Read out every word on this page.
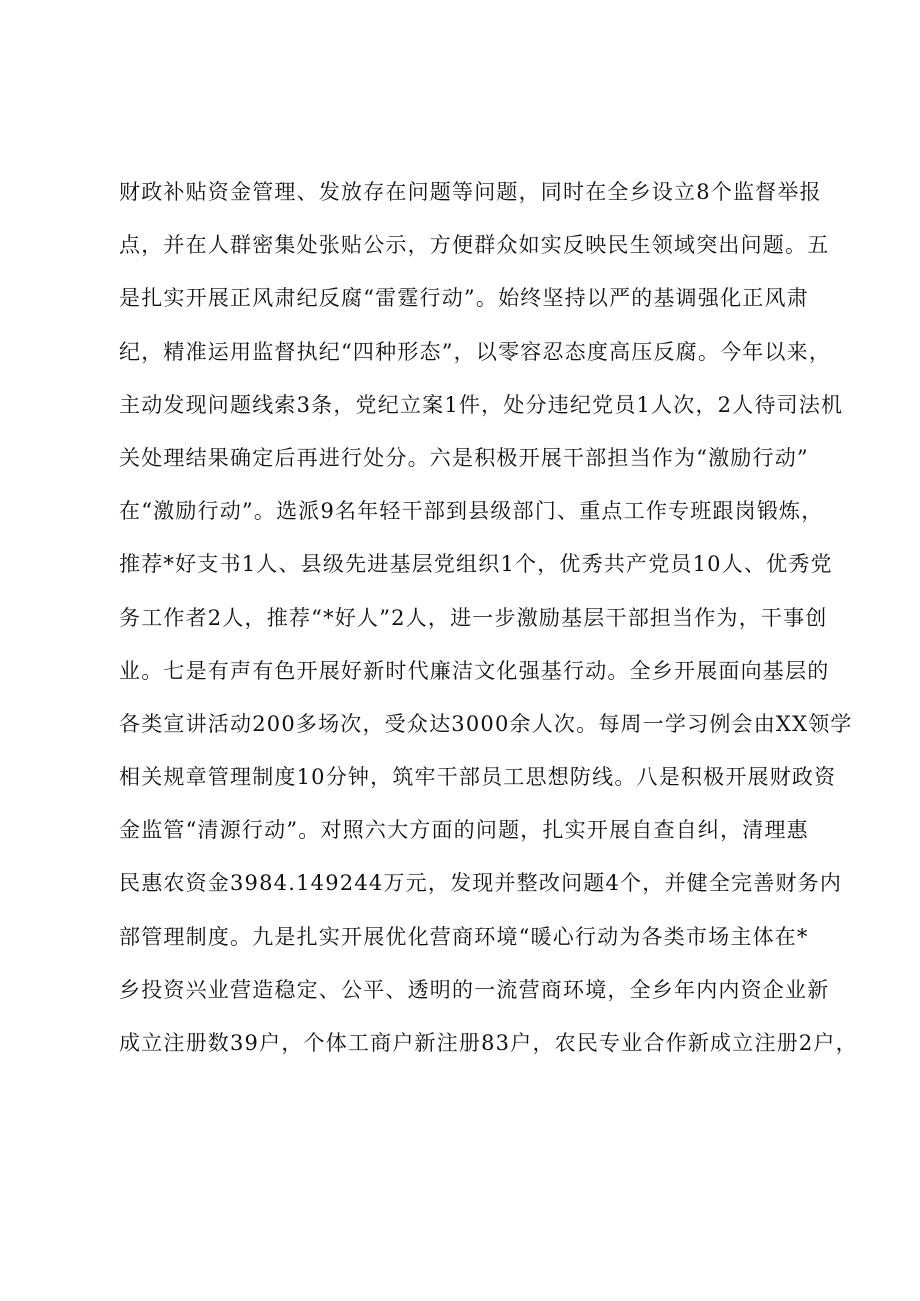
财政补贴资金管理、发放存在问题等问题，同时在全乡设立8个监督举报
点，并在人群密集处张贴公示，方便群众如实反映民生领域突出问题。五
是扎实开展正风肃纪反腐“雷霆行动”。始终坚持以严的基调强化正风肃
纪，精准运用监督执纪“四种形态”，以零容忍态度高压反腐。今年以来，
主动发现问题线索3条，党纪立案1件，处分违纪党员1人次，2人待司法机
关处理结果确定后再进行处分。六是积极开展干部担当作为“激励行动”
在“激励行动”。选派9名年轻干部到县级部门、重点工作专班跟岗锻炼，
推荐*好支书1人、县级先进基层党组织1个，优秀共产党员10人、优秀党
务工作者2人，推荐“*好人”2人，进一步激励基层干部担当作为，干事创
业。七是有声有色开展好新时代廉洁文化强基行动。全乡开展面向基层的
各类宣讲活动200多场次，受众达3000余人次。每周一学习例会由XX领学
相关规章管理制度10分钟，筑牢干部员工思想防线。八是积极开展财政资
金监管“清源行动”。对照六大方面的问题，扎实开展自查自纠，清理惠
民惠农资金3984.149244万元，发现并整改问题4个，并健全完善财务内
部管理制度。九是扎实开展优化营商环境“暖心行动为各类市场主体在*
乡投资兴业营造稳定、公平、透明的一流营商环境，全乡年内内资企业新
成立注册数39户，个体工商户新注册83户，农民专业合作新成立注册2户，
